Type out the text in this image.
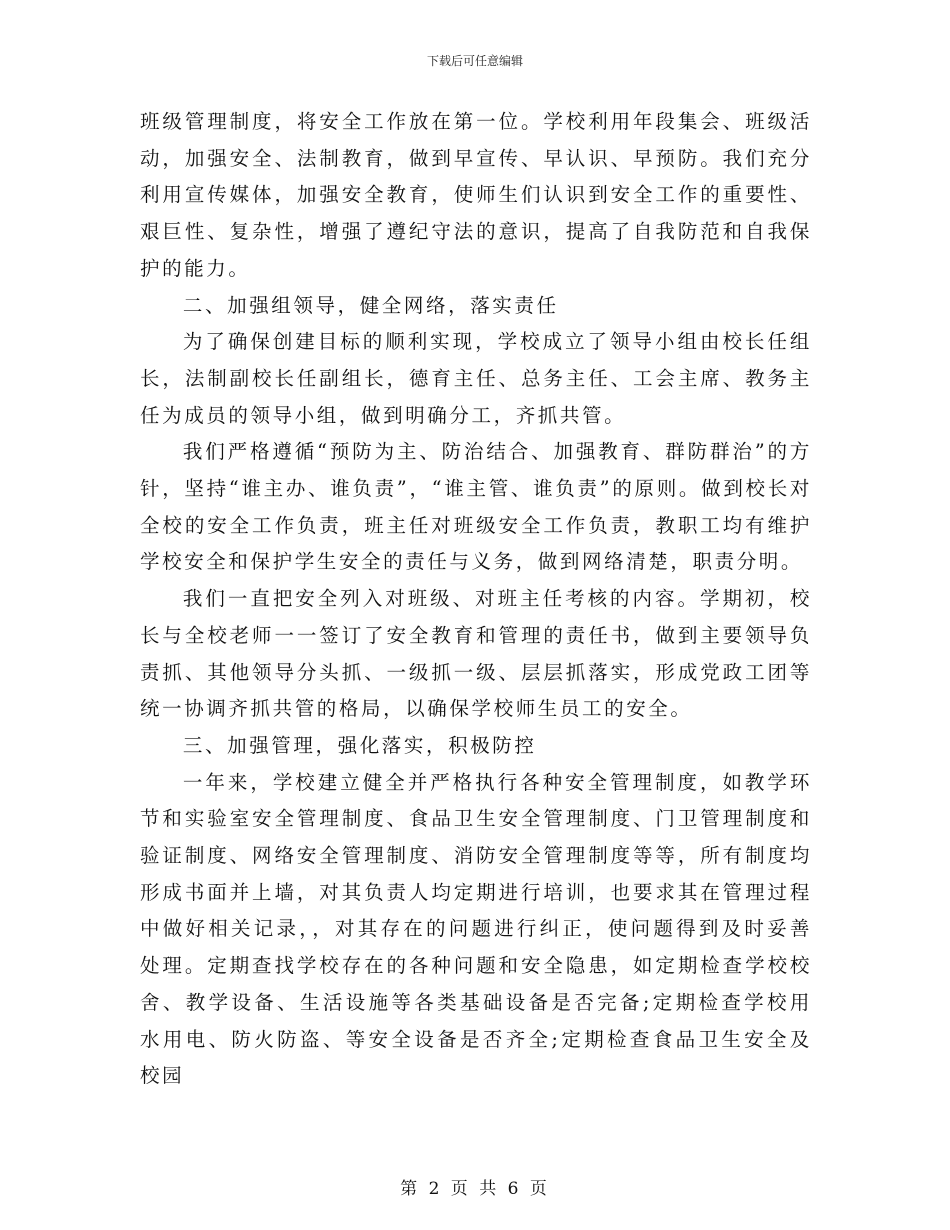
下载后可任意编辑

班级管理制度，将安全工作放在第一位。学校利用年段集会、班级活动，加强安全、法制教育，做到早宣传、早认识、早预防。我们充分利用宣传媒体，加强安全教育，使师生们认识到安全工作的重要性、艰巨性、复杂性，增强了遵纪守法的意识，提高了自我防范和自我保护的能力。

二、加强组领导，健全网络，落实责任

为了确保创建目标的顺利实现，学校成立了领导小组由校长任组长，法制副校长任副组长，德育主任、总务主任、工会主席、教务主任为成员的领导小组，做到明确分工，齐抓共管。

我们严格遵循“预防为主、防治结合、加强教育、群防群治”的方针，坚持“谁主办、谁负责”，“谁主管、谁负责”的原则。做到校长对全校的安全工作负责，班主任对班级安全工作负责，教职工均有维护学校安全和保护学生安全的责任与义务，做到网络清楚，职责分明。

我们一直把安全列入对班级、对班主任考核的内容。学期初，校长与全校老师一一签订了安全教育和管理的责任书，做到主要领导负责抓、其他领导分头抓、一级抓一级、层层抓落实，形成党政工团等统一协调齐抓共管的格局，以确保学校师生员工的安全。

三、加强管理，强化落实，积极防控

一年来，学校建立健全并严格执行各种安全管理制度，如教学环节和实验室安全管理制度、食品卫生安全管理制度、门卫管理制度和验证制度、网络安全管理制度、消防安全管理制度等等，所有制度均形成书面并上墙，对其负责人均定期进行培训，也要求其在管理过程中做好相关记录，，对其存在的问题进行纠正，使问题得到及时妥善处理。定期查找学校存在的各种问题和安全隐患，如定期检查学校校舍、教学设备、生活设施等各类基础设备是否完备;定期检查学校用水用电、防火防盗、等安全设备是否齐全;定期检查食品卫生安全及校园

第 2 页 共 6 页
